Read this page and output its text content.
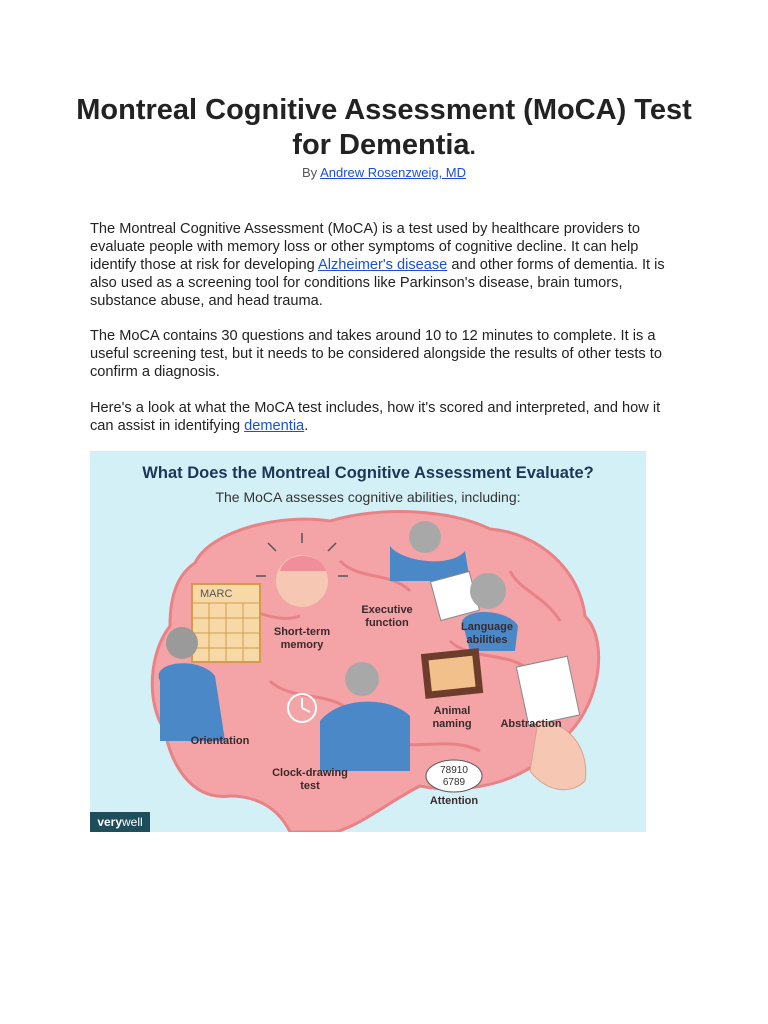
Montreal Cognitive Assessment (MoCA) Test for Dementia.
By Andrew Rosenzweig, MD

The Montreal Cognitive Assessment (MoCA) is a test used by healthcare providers to evaluate people with memory loss or other symptoms of cognitive decline. It can help identify those at risk for developing Alzheimer's disease and other forms of dementia. It is also used as a screening tool for conditions like Parkinson's disease, brain tumors, substance abuse, and head trauma.

The MoCA contains 30 questions and takes around 10 to 12 minutes to complete. It is a useful screening test, but it needs to be considered alongside the results of other tests to confirm a diagnosis.

Here's a look at what the MoCA test includes, how it's scored and interpreted, and how it can assist in identifying dementia.

MARC
78910
6789
What Does the Montreal Cognitive Assessment Evaluate?
The MoCA assesses cognitive abilities, including:
Short-term memory
Executive function	Language abilities
Orientation
Animal naming	Abstraction
Clock-drawing test
Attention
verywell
